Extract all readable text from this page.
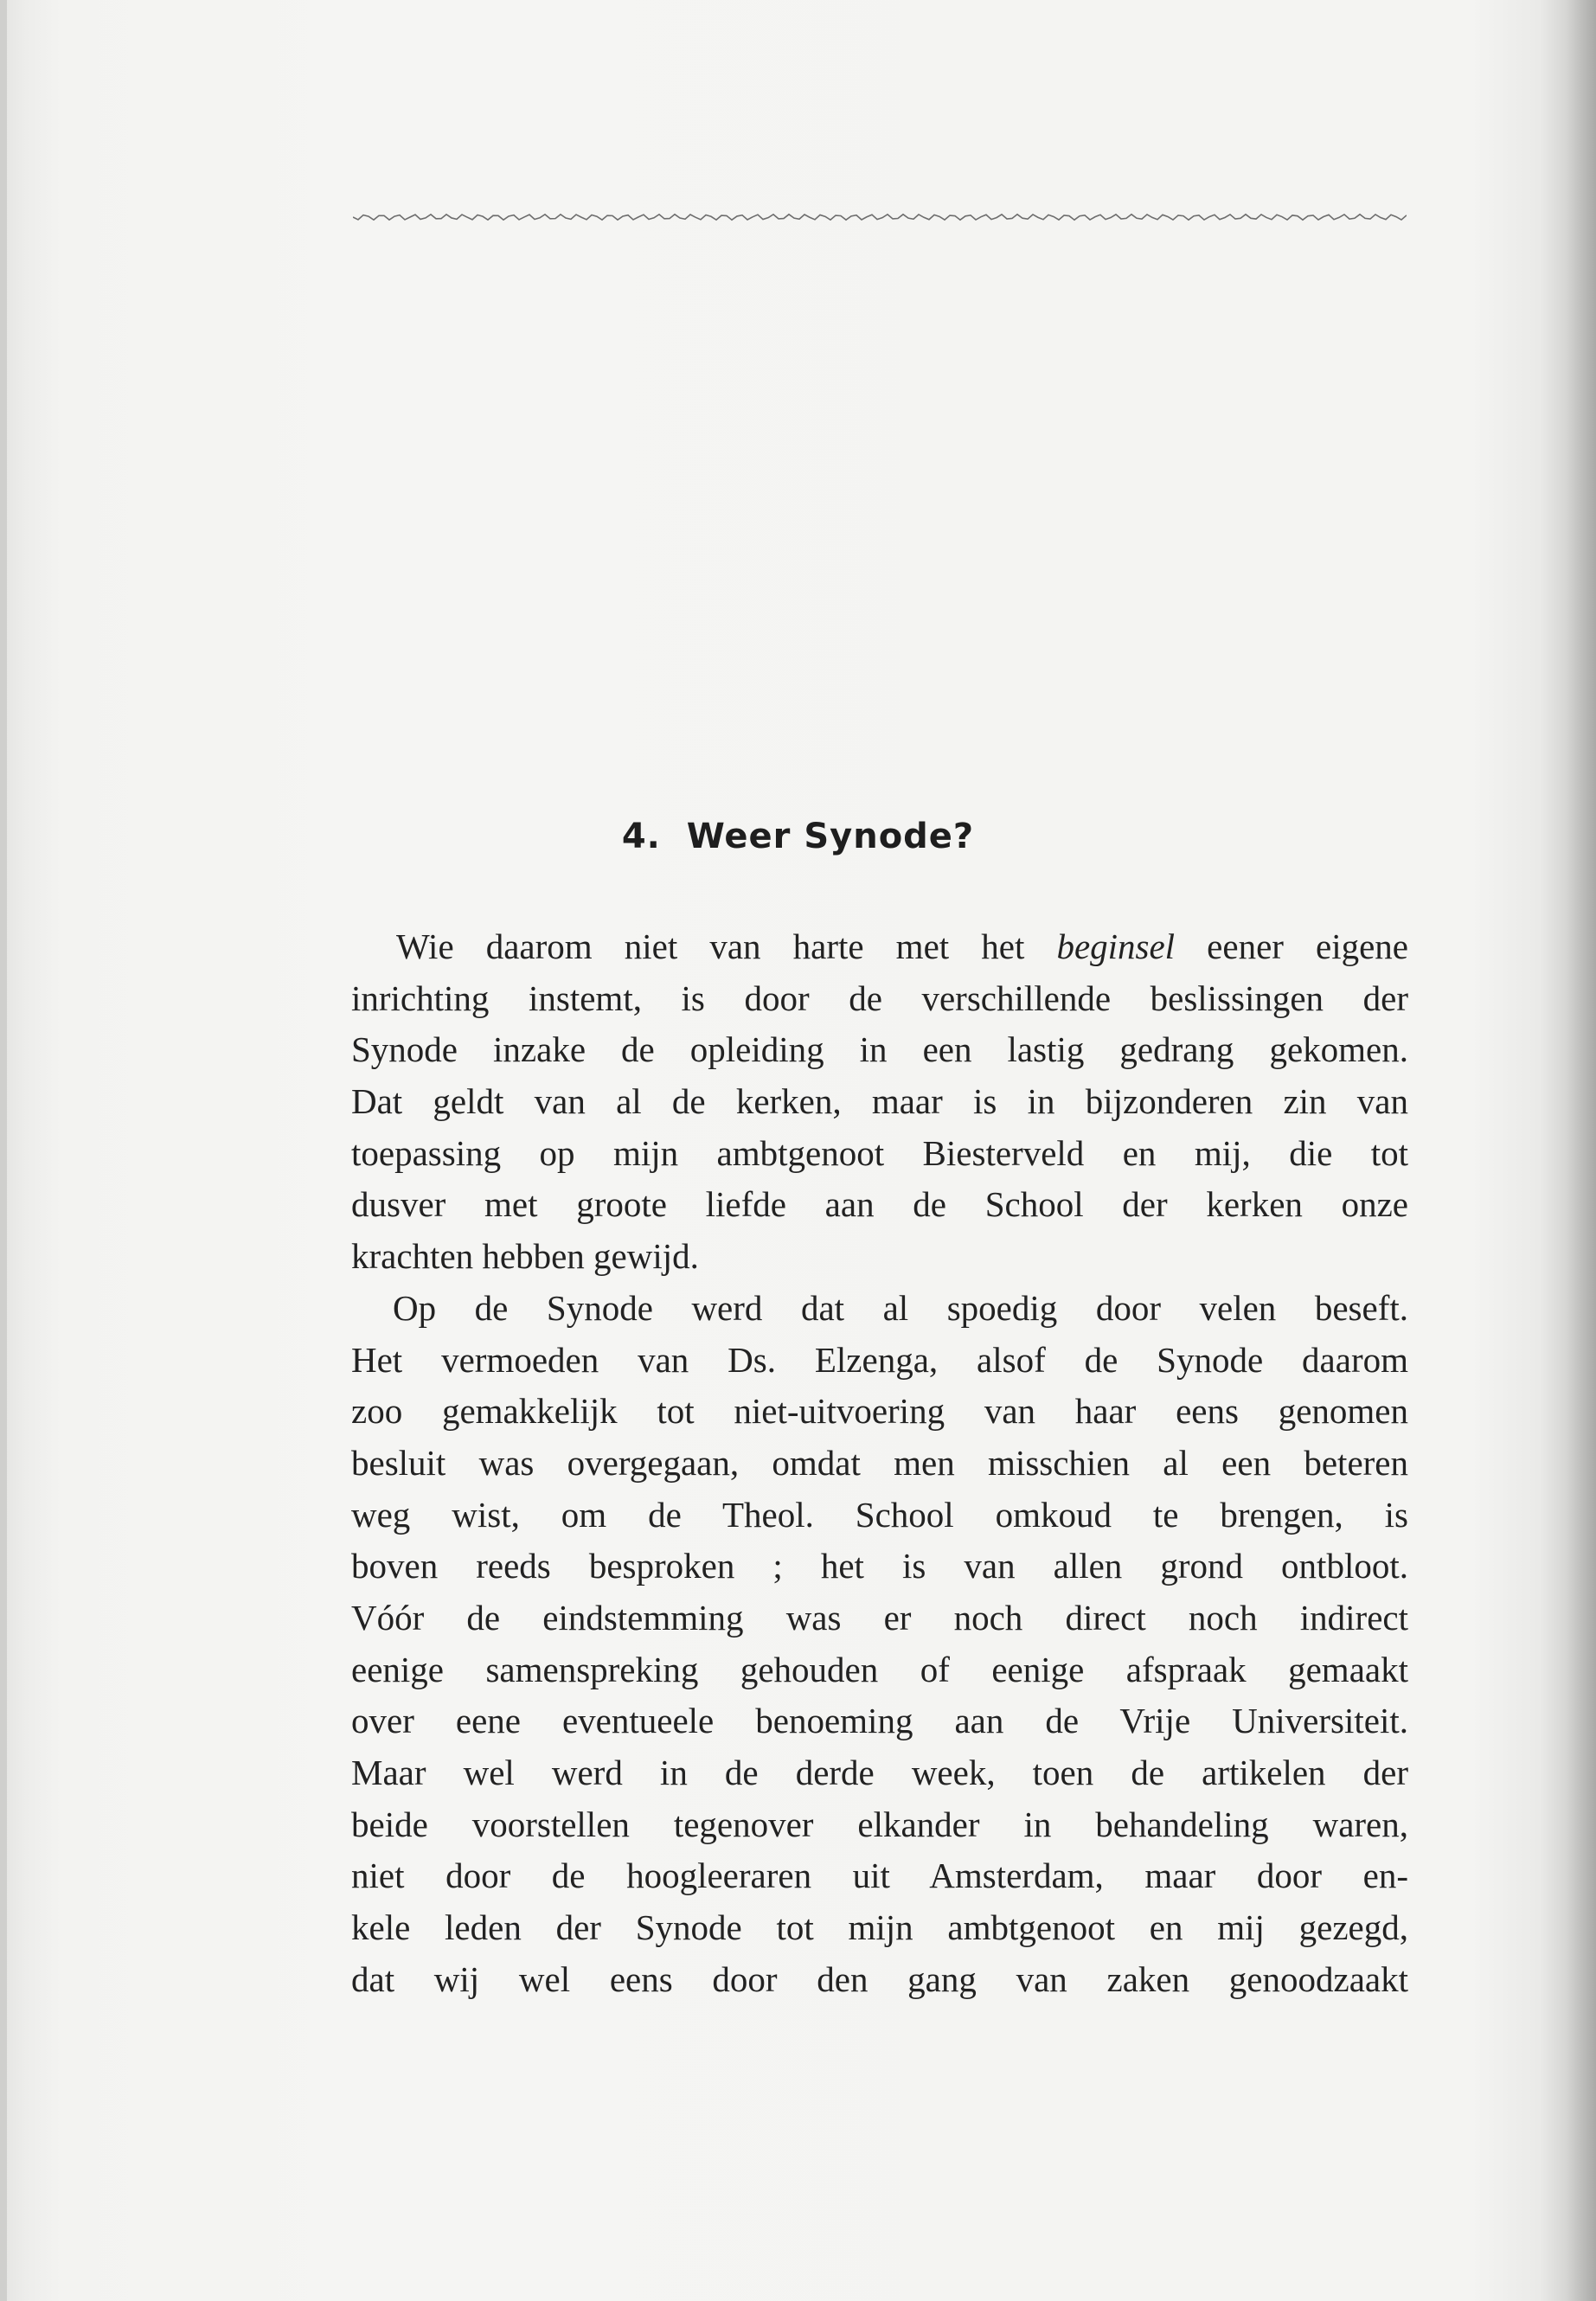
4.  Weer Synode?
Wie daarom niet van harte met het beginsel eener eigene
inrichting instemt, is door de verschillende beslissingen der
Synode inzake de opleiding in een lastig gedrang gekomen.
Dat geldt van al de kerken, maar is in bijzonderen zin van
toepassing op mijn ambtgenoot Biesterveld en mij, die tot
dusver met groote liefde aan de School der kerken onze
krachten hebben gewijd.
Op de Synode werd dat al spoedig door velen beseft.
Het vermoeden van Ds. Elzenga, alsof de Synode daarom
zoo gemakkelijk tot niet-uitvoering van haar eens genomen
besluit was overgegaan, omdat men misschien al een beteren
weg wist, om de Theol. School omkoud te brengen, is
boven reeds besproken ; het is van allen grond ontbloot.
Vóór de eindstemming was er noch direct noch indirect
eenige samenspreking gehouden of eenige afspraak gemaakt
over eene eventueele benoeming aan de Vrije Universiteit.
Maar wel werd in de derde week, toen de artikelen der
beide voorstellen tegenover elkander in behandeling waren,
niet door de hoogleeraren uit Amsterdam, maar door en-
kele leden der Synode tot mijn ambtgenoot en mij gezegd,
dat wij wel eens door den gang van zaken genoodzaakt
